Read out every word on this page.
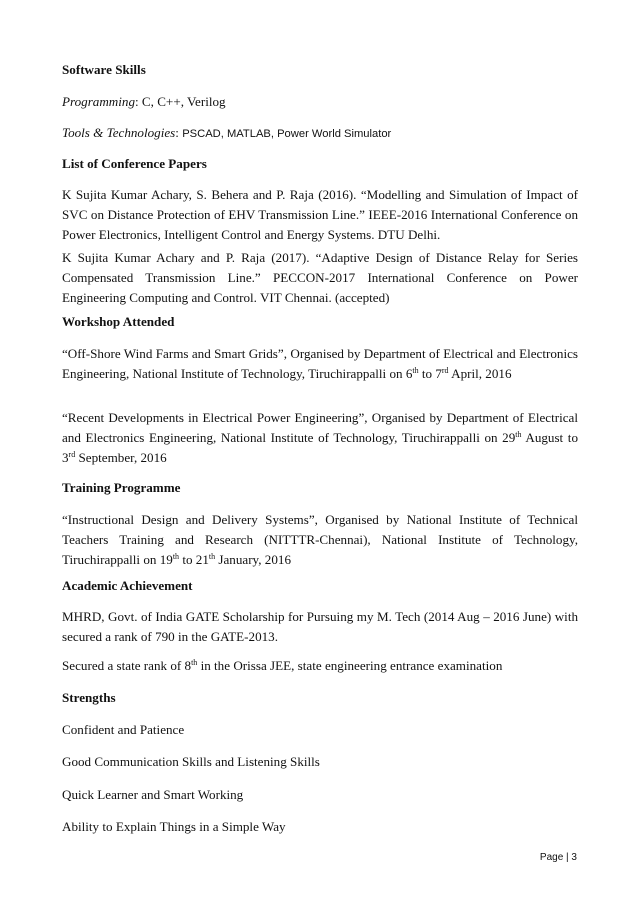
Software Skills

Programming: C, C++, Verilog

Tools & Technologies: PSCAD, MATLAB, Power World Simulator

List of Conference Papers

K Sujita Kumar Achary, S. Behera and P. Raja (2016). “Modelling and Simulation of Impact of SVC on Distance Protection of EHV Transmission Line.” IEEE-2016 International Conference on Power Electronics, Intelligent Control and Energy Systems. DTU Delhi.

K Sujita Kumar Achary and P. Raja (2017). “Adaptive Design of Distance Relay for Series Compensated Transmission Line.” PECCON-2017 International Conference on Power Engineering Computing and Control. VIT Chennai. (accepted)

Workshop Attended

“Off-Shore Wind Farms and Smart Grids”, Organised by Department of Electrical and Electronics Engineering, National Institute of Technology, Tiruchirappalli on 6th to 7rd April, 2016

“Recent Developments in Electrical Power Engineering”, Organised by Department of Electrical and Electronics Engineering, National Institute of Technology, Tiruchirappalli on 29th August to 3rd September, 2016

Training Programme

“Instructional Design and Delivery Systems”, Organised by National Institute of Technical Teachers Training and Research (NITTTR-Chennai), National Institute of Technology, Tiruchirappalli on 19th to 21th January, 2016

Academic Achievement

MHRD, Govt. of India GATE Scholarship for Pursuing my M. Tech (2014 Aug – 2016 June) with secured a rank of 790 in the GATE-2013.

Secured a state rank of 8th in the Orissa JEE, state engineering entrance examination

Strengths

Confident and Patience

Good Communication Skills and Listening Skills

Quick Learner and Smart Working

Ability to Explain Things in a Simple Way

Page | 3
